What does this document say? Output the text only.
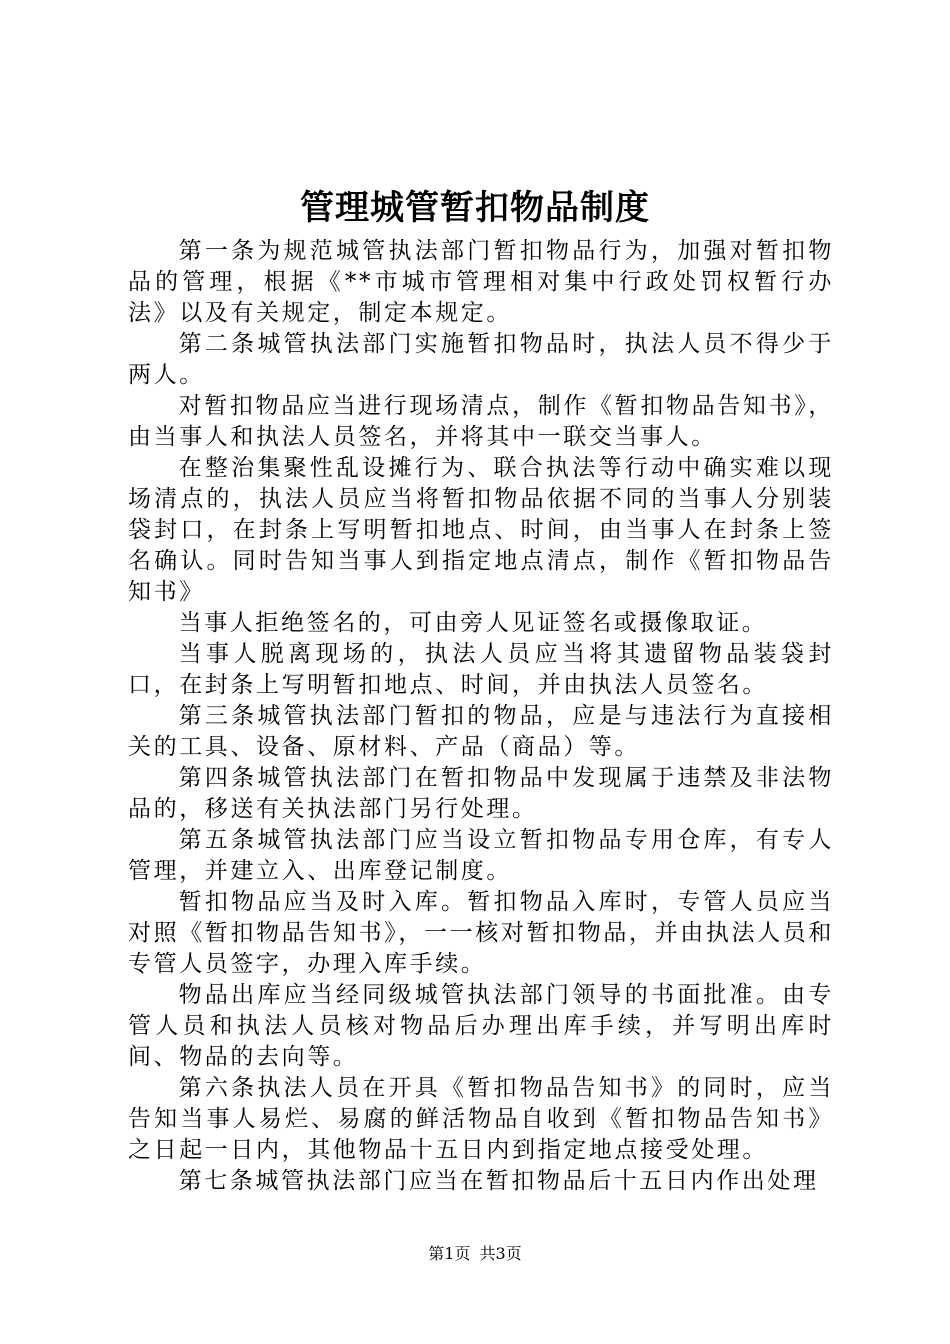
管理城管暂扣物品制度

第一条为规范城管执法部门暂扣物品行为，加强对暂扣物品的管理，根据《**市城市管理相对集中行政处罚权暂行办法》以及有关规定，制定本规定。

第二条城管执法部门实施暂扣物品时，执法人员不得少于两人。

对暂扣物品应当进行现场清点，制作《暂扣物品告知书》，由当事人和执法人员签名，并将其中一联交当事人。

在整治集聚性乱设摊行为、联合执法等行动中确实难以现场清点的，执法人员应当将暂扣物品依据不同的当事人分别装袋封口，在封条上写明暂扣地点、时间，由当事人在封条上签名确认。同时告知当事人到指定地点清点，制作《暂扣物品告知书》

当事人拒绝签名的，可由旁人见证签名或摄像取证。

当事人脱离现场的，执法人员应当将其遗留物品装袋封口，在封条上写明暂扣地点、时间，并由执法人员签名。

第三条城管执法部门暂扣的物品，应是与违法行为直接相关的工具、设备、原材料、产品（商品）等。

第四条城管执法部门在暂扣物品中发现属于违禁及非法物品的，移送有关执法部门另行处理。

第五条城管执法部门应当设立暂扣物品专用仓库，有专人管理，并建立入、出库登记制度。

暂扣物品应当及时入库。暂扣物品入库时，专管人员应当对照《暂扣物品告知书》，一一核对暂扣物品，并由执法人员和专管人员签字，办理入库手续。

物品出库应当经同级城管执法部门领导的书面批准。由专管人员和执法人员核对物品后办理出库手续，并写明出库时间、物品的去向等。

第六条执法人员在开具《暂扣物品告知书》的同时，应当告知当事人易烂、易腐的鲜活物品自收到《暂扣物品告知书》之日起一日内，其他物品十五日内到指定地点接受处理。

第七条城管执法部门应当在暂扣物品后十五日内作出处理

第1页 共3页
